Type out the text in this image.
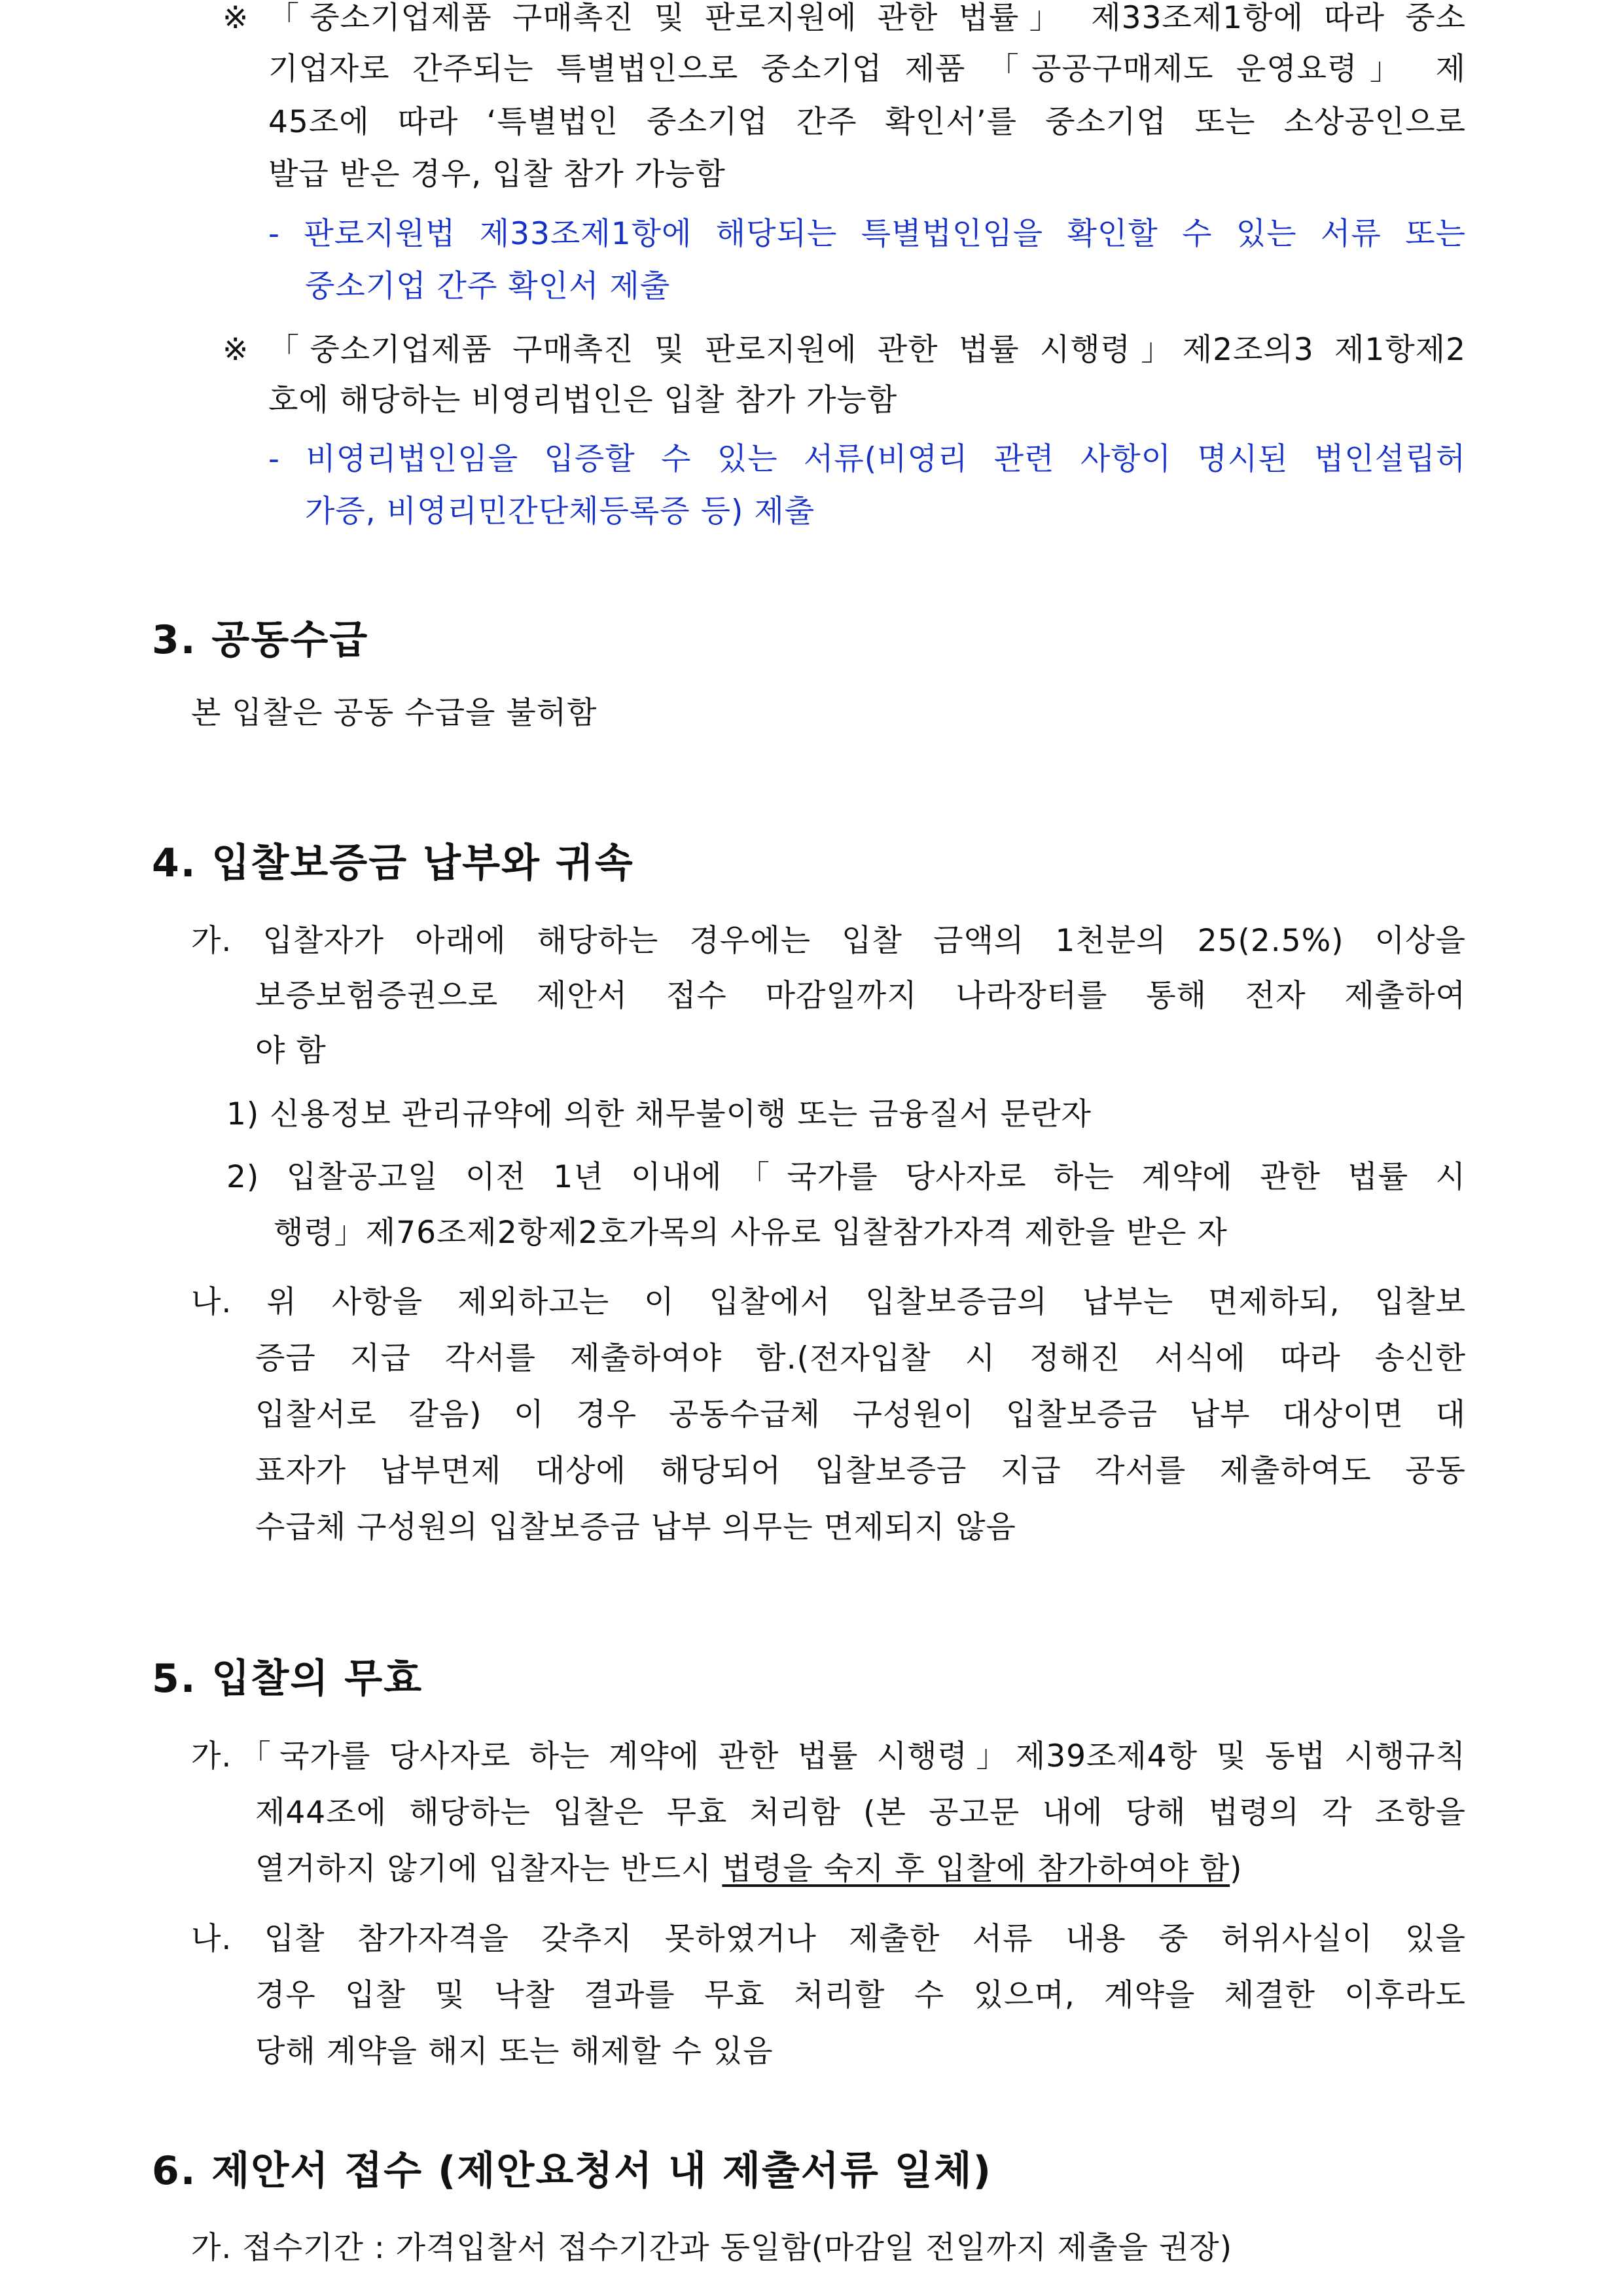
※ 「중소기업제품 구매촉진 및 판로지원에 관한 법률」 제33조제1항에 따라 중소
기업자로 간주되는 특별법인으로 중소기업 제품 「공공구매제도 운영요령」 제
45조에 따라 ‘특별법인 중소기업 간주 확인서’를 중소기업 또는 소상공인으로
발급 받은 경우, 입찰 참가 가능함
- 판로지원법 제33조제1항에 해당되는 특별법인임을 확인할 수 있는 서류 또는
중소기업 간주 확인서 제출
※ 「중소기업제품 구매촉진 및 판로지원에 관한 법률 시행령」제2조의3 제1항제2
호에 해당하는 비영리법인은 입찰 참가 가능함
- 비영리법인임을 입증할 수 있는 서류(비영리 관련 사항이 명시된 법인설립허
가증, 비영리민간단체등록증 등) 제출
3. 공동수급
본 입찰은 공동 수급을 불허함
4. 입찰보증금 납부와 귀속
가. 입찰자가 아래에 해당하는 경우에는 입찰 금액의 1천분의 25(2.5%) 이상을
보증보험증권으로 제안서 접수 마감일까지 나라장터를 통해 전자 제출하여
야 함
1) 신용정보 관리규약에 의한 채무불이행 또는 금융질서 문란자
2) 입찰공고일 이전 1년 이내에「국가를 당사자로 하는 계약에 관한 법률 시
행령」제76조제2항제2호가목의 사유로 입찰참가자격 제한을 받은 자
나. 위 사항을 제외하고는 이 입찰에서 입찰보증금의 납부는 면제하되, 입찰보
증금 지급 각서를 제출하여야 함.(전자입찰 시 정해진 서식에 따라 송신한
입찰서로 갈음) 이 경우 공동수급체 구성원이 입찰보증금 납부 대상이면 대
표자가 납부면제 대상에 해당되어 입찰보증금 지급 각서를 제출하여도 공동
수급체 구성원의 입찰보증금 납부 의무는 면제되지 않음
5. 입찰의 무효
가.「국가를 당사자로 하는 계약에 관한 법률 시행령」제39조제4항 및 동법 시행규칙
제44조에 해당하는 입찰은 무효 처리함 (본 공고문 내에 당해 법령의 각 조항을
열거하지 않기에 입찰자는 반드시 법령을 숙지 후 입찰에 참가하여야 함)
나. 입찰 참가자격을 갖추지 못하였거나 제출한 서류 내용 중 허위사실이 있을
경우 입찰 및 낙찰 결과를 무효 처리할 수 있으며, 계약을 체결한 이후라도
당해 계약을 해지 또는 해제할 수 있음
6. 제안서 접수 (제안요청서 내 제출서류 일체)
가. 접수기간 : 가격입찰서 접수기간과 동일함(마감일 전일까지 제출을 권장)
